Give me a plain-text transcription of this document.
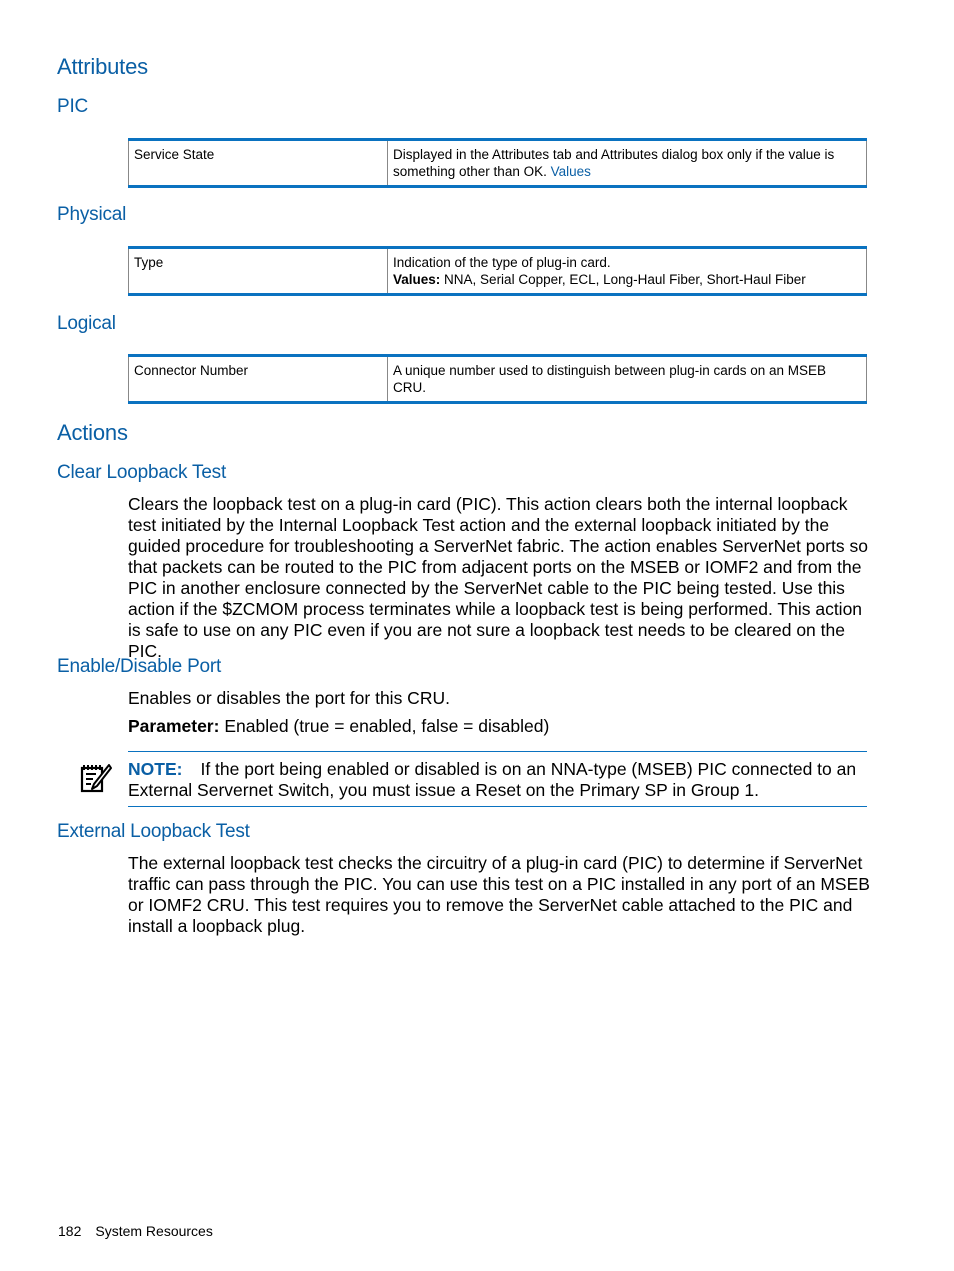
Attributes
PIC
Service State	Displayed in the Attributes tab and Attributes dialog box only if the value is something other than OK. Values
Physical
Type	Indication of the type of plug-in card.
Values: NNA, Serial Copper, ECL, Long-Haul Fiber, Short-Haul Fiber
Logical
Connector Number	A unique number used to distinguish between plug-in cards on an MSEB CRU.
Actions
Clear Loopback Test
Clears the loopback test on a plug-in card (PIC). This action clears both the internal loopback test initiated by the Internal Loopback Test action and the external loopback initiated by the guided procedure for troubleshooting a ServerNet fabric. The action enables ServerNet ports so that packets can be routed to the PIC from adjacent ports on the MSEB or IOMF2 and from the PIC in another enclosure connected by the ServerNet cable to the PIC being tested. Use this action if the $ZCMOM process terminates while a loopback test is being performed. This action is safe to use on any PIC even if you are not sure a loopback test needs to be cleared on the PIC.
Enable/Disable Port
Enables or disables the port for this CRU.
Parameter: Enabled (true = enabled, false = disabled)
NOTE: If the port being enabled or disabled is on an NNA-type (MSEB) PIC connected to an External Servernet Switch, you must issue a Reset on the Primary SP in Group 1.
External Loopback Test
The external loopback test checks the circuitry of a plug-in card (PIC) to determine if ServerNet traffic can pass through the PIC. You can use this test on a PIC installed in any port of an MSEB or IOMF2 CRU. This test requires you to remove the ServerNet cable attached to the PIC and install a loopback plug.
182 System Resources
